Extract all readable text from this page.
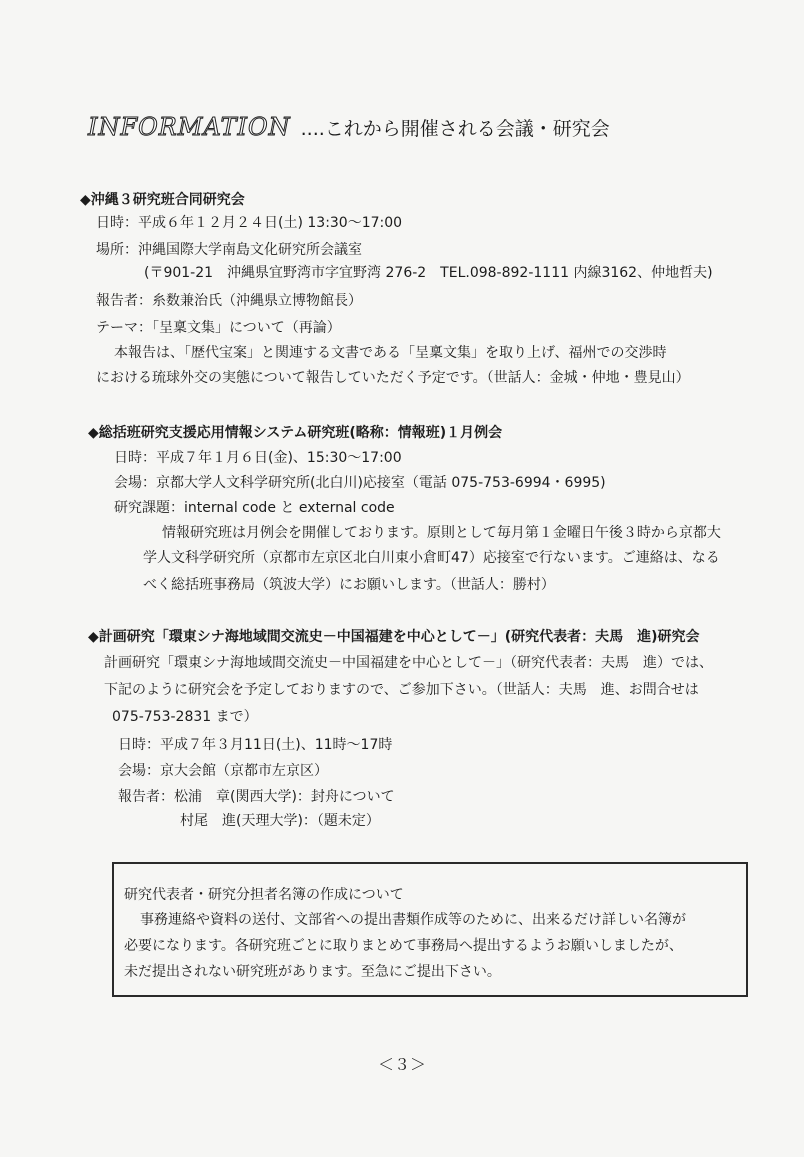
INFORMATION ....これから開催される会議・研究会
◆沖縄３研究班合同研究会
日時：平成６年１２月２４日(土) 13:30～17:00
場所：沖縄国際大学南島文化研究所会議室
(〒901-21　沖縄県宜野湾市字宜野湾 276-2　TEL.098-892-1111 内線3162、仲地哲夫)
報告者：糸数兼治氏（沖縄県立博物館長）
テーマ：「呈稟文集」について（再論）
本報告は、「歴代宝案」と関連する文書である「呈稟文集」を取り上げ、福州での交渉時
における琉球外交の実態について報告していただく予定です。（世話人：金城・仲地・豊見山）
◆総括班研究支援応用情報システム研究班(略称：情報班)１月例会
日時：平成７年１月６日(金)、15:30～17:00
会場：京都大学人文科学研究所(北白川)応接室（電話 075-753-6994・6995)
研究課題：internal code と external code
情報研究班は月例会を開催しております。原則として毎月第１金曜日午後３時から京都大
学人文科学研究所（京都市左京区北白川東小倉町47）応接室で行ないます。ご連絡は、なる
べく総括班事務局（筑波大学）にお願いします。（世話人：勝村）
◆計画研究「環東シナ海地域間交流史－中国福建を中心として－」(研究代表者：夫馬　進)研究会
計画研究「環東シナ海地域間交流史－中国福建を中心として－」（研究代表者：夫馬　進）では、
下記のように研究会を予定しておりますので、ご参加下さい。（世話人：夫馬　進、お問合せは
075-753-2831 まで）
日時：平成７年３月11日(土)、11時～17時
会場：京大会館（京都市左京区）
報告者：松浦　章(関西大学)：封舟について
村尾　進(天理大学)：（題未定）
研究代表者・研究分担者名簿の作成について
事務連絡や資料の送付、文部省への提出書類作成等のために、出来るだけ詳しい名簿が
必要になります。各研究班ごとに取りまとめて事務局へ提出するようお願いしましたが、
未だ提出されない研究班があります。至急にご提出下さい。
＜３＞
